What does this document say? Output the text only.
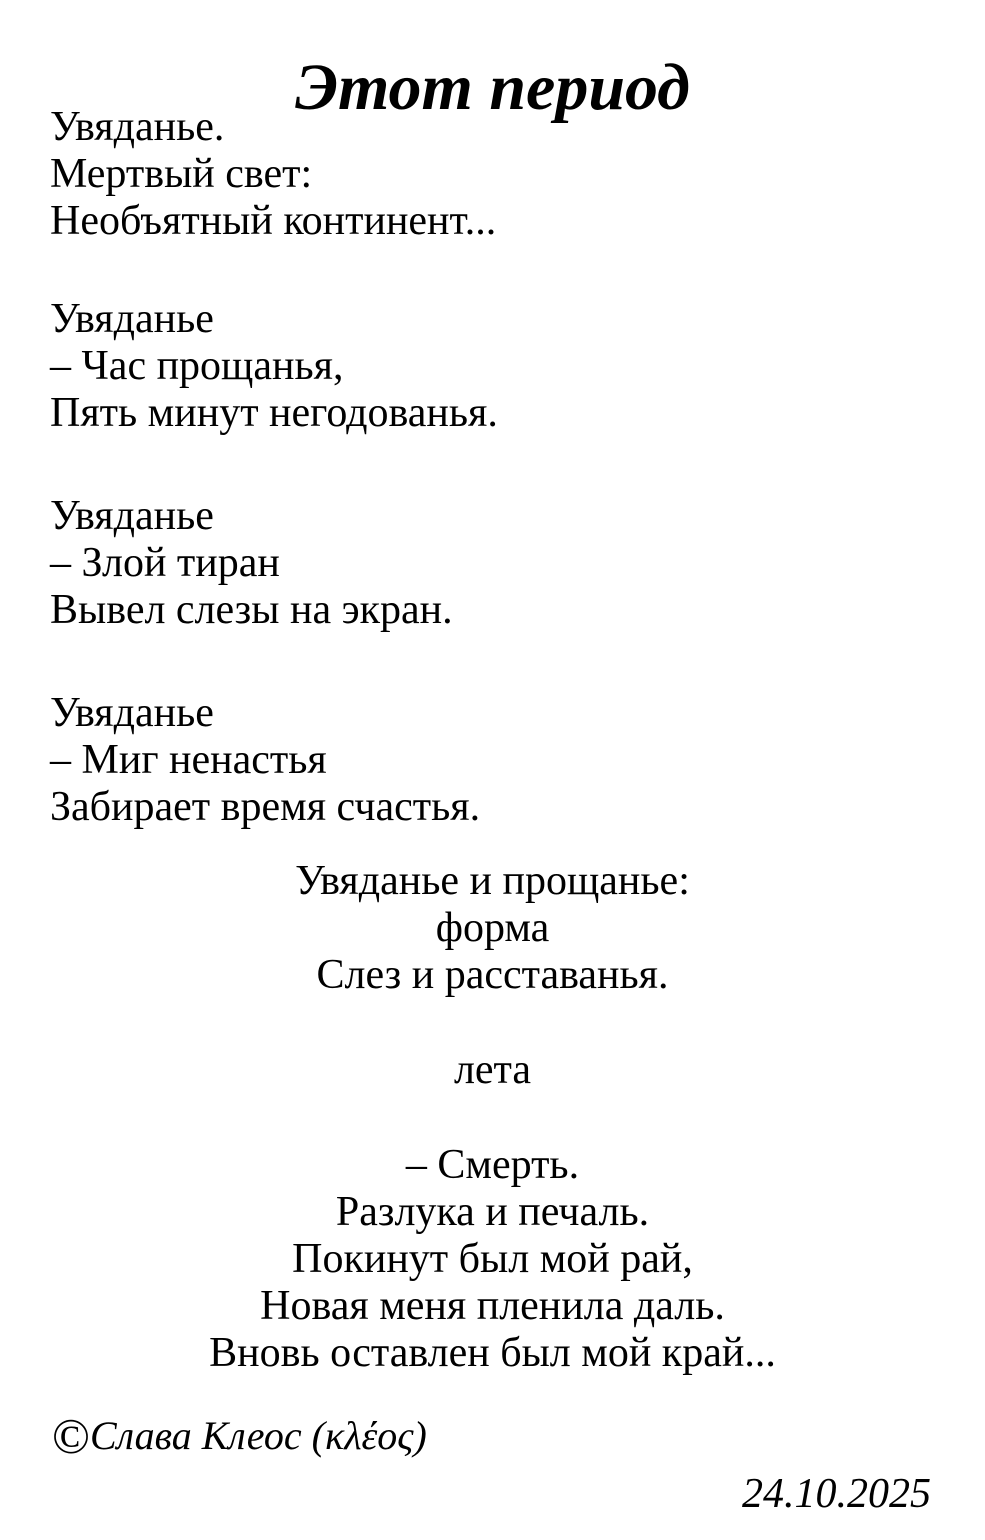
Этот период
Увяданье.
Мертвый свет:
Необъятный континент...
Увяданье
– Час прощанья,
Пять минут негодованья.
Увяданье
– Злой тиран
Вывел слезы на экран.
Увяданье
– Миг ненастья
Забирает время счастья.
Увяданье и прощанье:
форма
Слез и расставанья.
лета
– Смерть.
Разлука и печаль.
Покинут был мой рай,
Новая меня пленила даль.
Вновь оставлен был мой край...
©Слава Клеос (κλέος)
24.10.2025
